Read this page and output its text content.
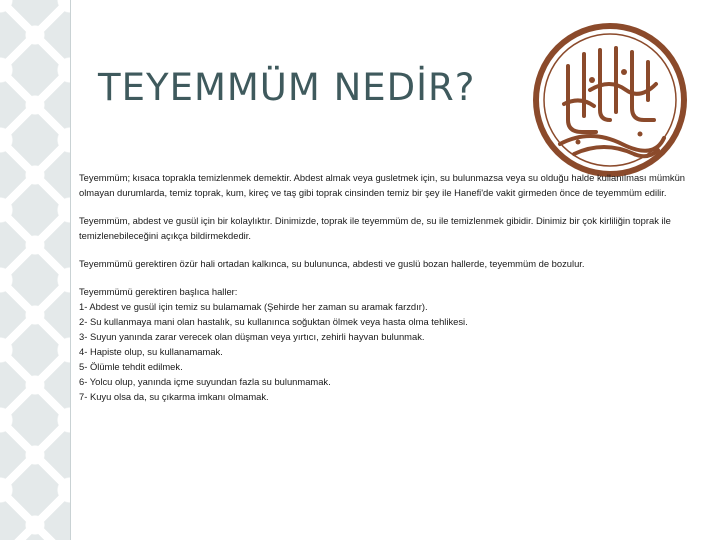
TEYEMMÜM NEDİR?

Teyemmüm; kısaca toprakla temizlenmek demektir. Abdest almak veya gusletmek için, su bulunmazsa veya su olduğu halde kullanılması mümkün olmayan durumlarda, temiz toprak, kum, kireç ve taş gibi toprak cinsinden temiz bir şey ile Hanefi'de vakit girmeden önce de teyemmüm edilir.

Teyemmüm, abdest ve gusül için bir kolaylıktır. Dinimizde, toprak ile teyemmüm de, su ile temizlenmek gibidir. Dinimiz bir çok kirliliğin toprak ile temizlenebileceğini açıkça bildirmekdedir.

Teyemmümü gerektiren özür hali ortadan kalkınca, su bulununca, abdesti ve guslü bozan hallerde, teyemmüm de bozulur.

Teyemmümü gerektiren başlıca haller:

1- Abdest ve gusül için temiz su bulamamak (Şehirde her zaman su aramak farzdır).
2- Su kullanmaya mani olan hastalık, su kullanınca soğuktan ölmek veya hasta olma tehlikesi.
3- Suyun yanında zarar verecek olan düşman veya yırtıcı, zehirli hayvan bulunmak.
4- Hapiste olup, su kullanamamak.
5- Ölümle tehdit edilmek.
6- Yolcu olup, yanında içme suyundan fazla su bulunmamak.
7- Kuyu olsa da, su çıkarma imkanı olmamak.
